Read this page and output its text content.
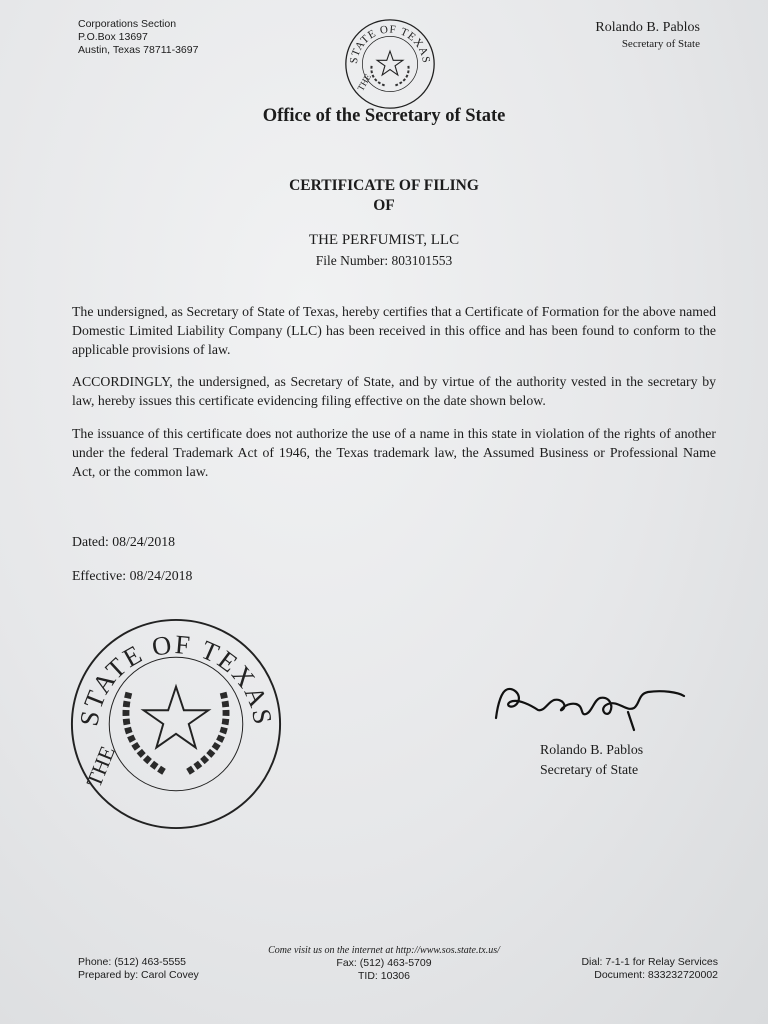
Corporations Section
P.O.Box 13697
Austin, Texas 78711-3697
STATE OF TEXAS
THE
Rolando B. Pablos
Secretary of State
Office of the Secretary of State
CERTIFICATE OF FILING
OF
THE PERFUMIST, LLC
File Number: 803101553
The undersigned, as Secretary of State of Texas, hereby certifies that a Certificate of Formation for the above named Domestic Limited Liability Company (LLC) has been received in this office and has been found to conform to the applicable provisions of law.
ACCORDINGLY, the undersigned, as Secretary of State, and by virtue of the authority vested in the secretary by law, hereby issues this certificate evidencing filing effective on the date shown below.
The issuance of this certificate does not authorize the use of a name in this state in violation of the rights of another under the federal Trademark Act of 1946, the Texas trademark law, the Assumed Business or Professional Name Act, or the common law.
Dated: 08/24/2018
Effective: 08/24/2018
STATE OF TEXAS
THE	Rolando B. Pablos
Secretary of State
Phone: (512) 463-5555
Prepared by: Carol Covey
Come visit us on the internet at http://www.sos.state.tx.us/
Fax: (512) 463-5709
TID: 10306
Dial: 7-1-1 for Relay Services
Document: 833232720002
